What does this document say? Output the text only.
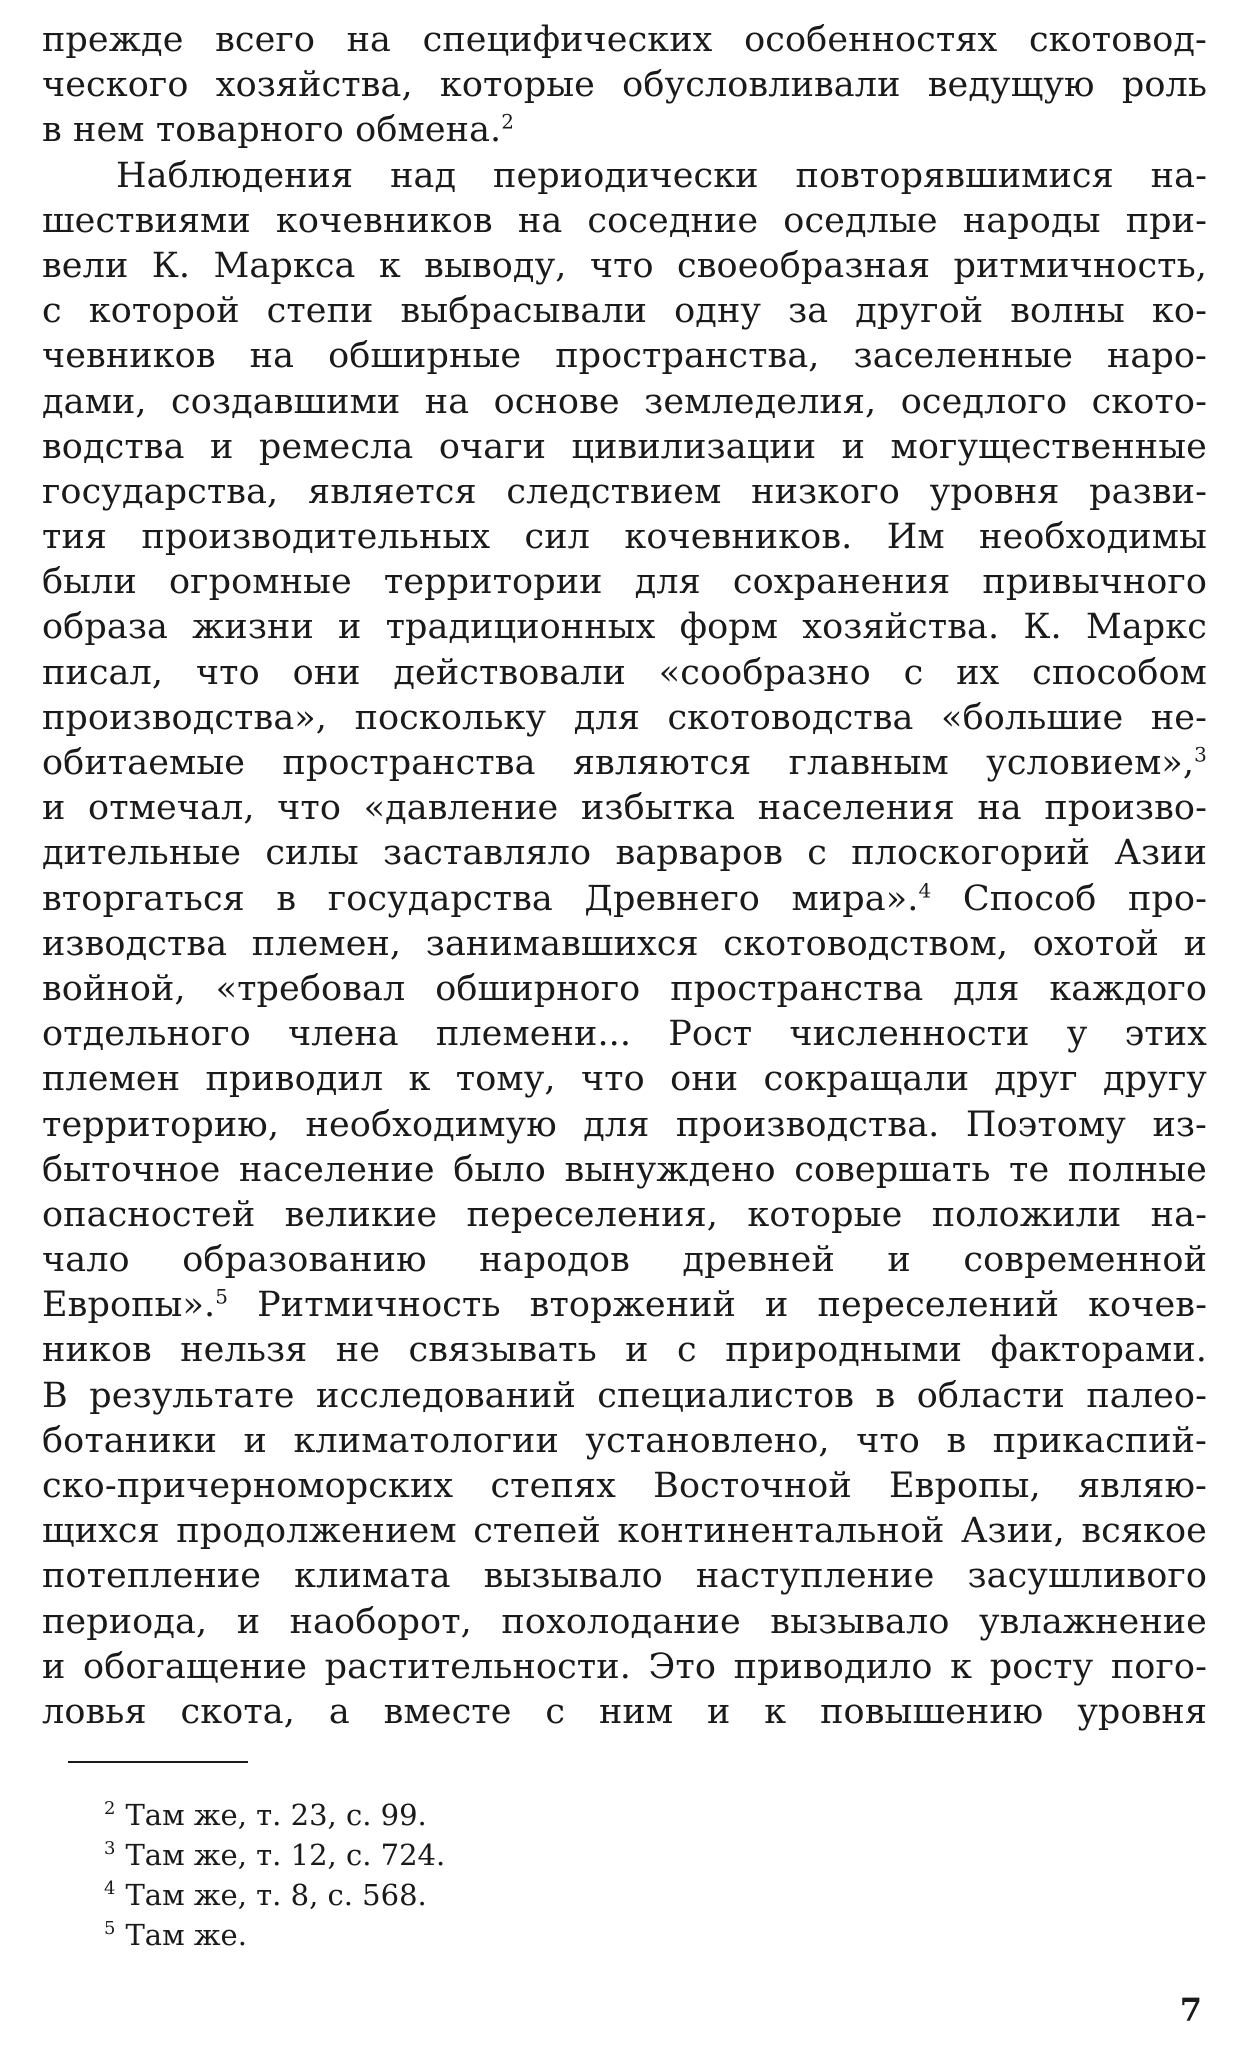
прежде всего на специфических особенностях скотовод-
ческого хозяйства, которые обусловливали ведущую роль
в нем товарного обмена.$^2$
Наблюдения над периодически повторявшимися на-
шествиями кочевников на соседние оседлые народы при-
вели К. Маркса к выводу, что своеобразная ритмичность,
с которой степи выбрасывали одну за другой волны ко-
чевников на обширные пространства, заселенные наро-
дами, создавшими на основе земледелия, оседлого ското-
водства и ремесла очаги цивилизации и могущественные
государства, является следствием низкого уровня разви-
тия производительных сил кочевников. Им необходимы
были огромные территории для сохранения привычного
образа жизни и традиционных форм хозяйства. К. Маркс
писал, что они действовали «сообразно с их способом
производства», поскольку для скотоводства «большие не-
обитаемые пространства являются главным условием»,$^3$
и отмечал, что «давление избытка населения на произво-
дительные силы заставляло варваров с плоскогорий Азии
вторгаться в государства Древнего мира».$^4$ Способ про-
изводства племен, занимавшихся скотоводством, охотой и
войной, «требовал обширного пространства для каждого
отдельного члена племени... Рост численности у этих
племен приводил к тому, что они сокращали друг другу
территорию, необходимую для производства. Поэтому из-
быточное население было вынуждено совершать те полные
опасностей великие переселения, которые положили на-
чало образованию народов древней и современной
Европы».$^5$ Ритмичность вторжений и переселений кочев-
ников нельзя не связывать и с природными факторами.
В результате исследований специалистов в области палео-
ботаники и климатологии установлено, что в прикаспий-
ско-причерноморских степях Восточной Европы, являю-
щихся продолжением степей континентальной Азии, всякое
потепление климата вызывало наступление засушливого
периода, и наоборот, похолодание вызывало увлажнение
и обогащение растительности. Это приводило к росту пого-
ловья скота, а вместе с ним и к повышению уровня
$^2$ Там же, т. 23, с. 99.
$^3$ Там же, т. 12, с. 724.
$^4$ Там же, т. 8, с. 568.
$^5$ Там же.
7
